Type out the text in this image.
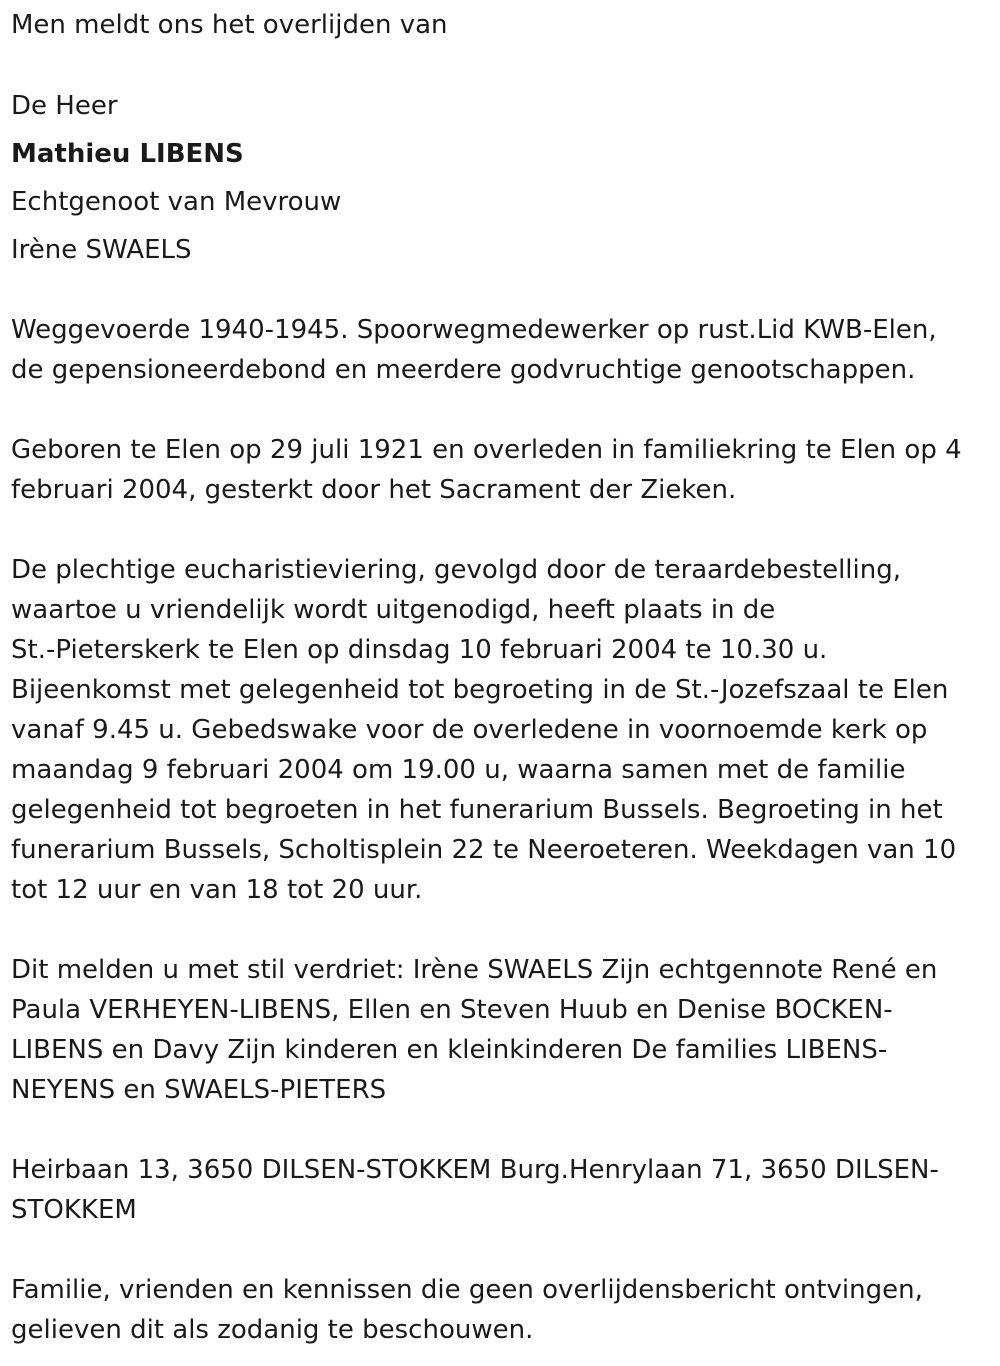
Men meldt ons het overlijden van

De Heer

Mathieu LIBENS

Echtgenoot van Mevrouw

Irène SWAELS

Weggevoerde 1940-1945. Spoorwegmedewerker op rust.Lid KWB-Elen,
de gepensioneerdebond en meerdere godvruchtige genootschappen.
Geboren te Elen op 29 juli 1921 en overleden in familiekring te Elen op 4
februari 2004, gesterkt door het Sacrament der Zieken.
De plechtige eucharistieviering, gevolgd door de teraardebestelling,
waartoe u vriendelijk wordt uitgenodigd, heeft plaats in de
St.-Pieterskerk te Elen op dinsdag 10 februari 2004 te 10.30 u.
Bijeenkomst met gelegenheid tot begroeting in de St.-Jozefszaal te Elen
vanaf 9.45 u. Gebedswake voor de overledene in voornoemde kerk op
maandag 9 februari 2004 om 19.00 u, waarna samen met de familie
gelegenheid tot begroeten in het funerarium Bussels. Begroeting in het
funerarium Bussels, Scholtisplein 22 te Neeroeteren. Weekdagen van 10
tot 12 uur en van 18 tot 20 uur.
Dit melden u met stil verdriet: Irène SWAELS Zijn echtgennote René en
Paula VERHEYEN-LIBENS, Ellen en Steven Huub en Denise BOCKEN-
LIBENS en Davy Zijn kinderen en kleinkinderen De families LIBENS-
NEYENS en SWAELS-PIETERS
Heirbaan 13, 3650 DILSEN-STOKKEM Burg.Henrylaan 71, 3650 DILSEN-
STOKKEM
Familie, vrienden en kennissen die geen overlijdensbericht ontvingen,
gelieven dit als zodanig te beschouwen.
